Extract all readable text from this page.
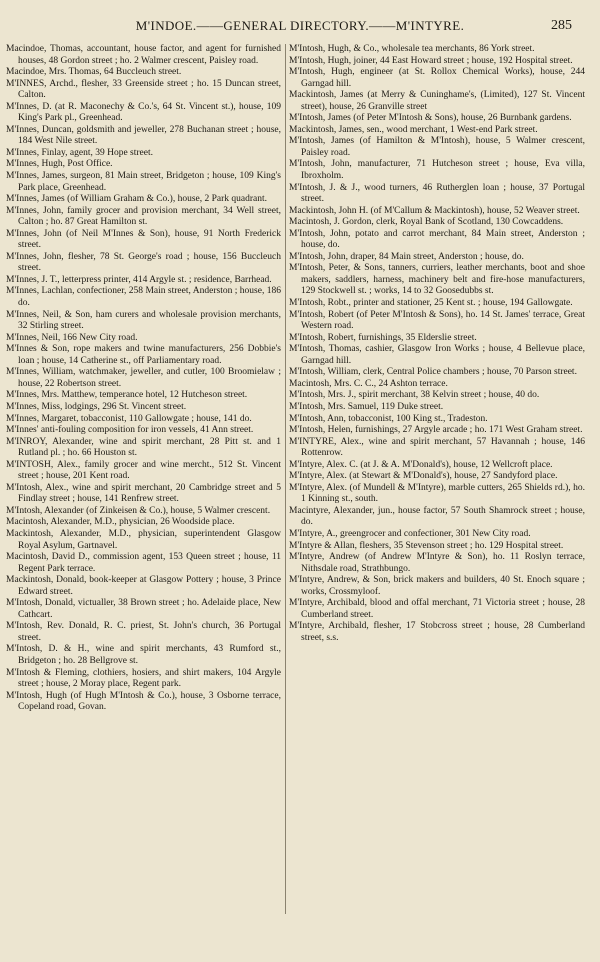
M'INDOE.——GENERAL DIRECTORY.——M'INTYRE.	285

Macindoe, Thomas, accountant, house factor, and agent for furnished houses, 48 Gordon street ; ho. 2 Walmer crescent, Paisley road.

Macindoe, Mrs. Thomas, 64 Buccleuch street.

M'INNES, Archd., flesher, 33 Greenside street ; ho. 15 Duncan street, Calton.

M'Innes, D. (at R. Maconechy & Co.'s, 64 St. Vincent st.), house, 109 King's Park pl., Greenhead.

M'Innes, Duncan, goldsmith and jeweller, 278 Buchanan street ; house, 184 West Nile street.

M'Innes, Finlay, agent, 39 Hope street.

M'Innes, Hugh, Post Office.

M'Innes, James, surgeon, 81 Main street, Bridgeton ; house, 109 King's Park place, Greenhead.

M'Innes, James (of William Graham & Co.), house, 2 Park quadrant.

M'Innes, John, family grocer and provision merchant, 34 Well street, Calton ; ho. 87 Great Hamilton st.

M'Innes, John (of Neil M'Innes & Son), house, 91 North Frederick street.

M'Innes, John, flesher, 78 St. George's road ; house, 156 Buccleuch street.

M'Innes, J. T., letterpress printer, 414 Argyle st. ; residence, Barrhead.

M'Innes, Lachlan, confectioner, 258 Main street, Anderston ; house, 186 do.

M'Innes, Neil, & Son, ham curers and wholesale provision merchants, 32 Stirling street.

M'Innes, Neil, 166 New City road.

M'Innes & Son, rope makers and twine manufacturers, 256 Dobbie's loan ; house, 14 Catherine st., off Parliamentary road.

M'Innes, William, watchmaker, jeweller, and cutler, 100 Broomielaw ; house, 22 Robertson street.

M'Innes, Mrs. Matthew, temperance hotel, 12 Hutcheson street.

M'Innes, Miss, lodgings, 296 St. Vincent street.

M'Innes, Margaret, tobacconist, 110 Gallowgate ; house, 141 do.

M'Innes' anti-fouling composition for iron vessels, 41 Ann street.

M'INROY, Alexander, wine and spirit merchant, 28 Pitt st. and 1 Rutland pl. ; ho. 66 Houston st.

M'INTOSH, Alex., family grocer and wine mercht., 512 St. Vincent street ; house, 201 Kent road.

M'Intosh, Alex., wine and spirit merchant, 20 Cambridge street and 5 Findlay street ; house, 141 Renfrew street.

M'Intosh, Alexander (of Zinkeisen & Co.), house, 5 Walmer crescent.

Macintosh, Alexander, M.D., physician, 26 Woodside place.

Mackintosh, Alexander, M.D., physician, superintendent Glasgow Royal Asylum, Gartnavel.

Macintosh, David D., commission agent, 153 Queen street ; house, 11 Regent Park terrace.

Mackintosh, Donald, book-keeper at Glasgow Pottery ; house, 3 Prince Edward street.

M'Intosh, Donald, victualler, 38 Brown street ; ho. Adelaide place, New Cathcart.

M'Intosh, Rev. Donald, R. C. priest, St. John's church, 36 Portugal street.

M'Intosh, D. & H., wine and spirit merchants, 43 Rumford st., Bridgeton ; ho. 28 Bellgrove st.

M'Intosh & Fleming, clothiers, hosiers, and shirt makers, 104 Argyle street ; house, 2 Moray place, Regent park.

M'Intosh, Hugh (of Hugh M'Intosh & Co.), house, 3 Osborne terrace, Copeland road, Govan.

M'Intosh, Hugh, & Co., wholesale tea merchants, 86 York street.

M'Intosh, Hugh, joiner, 44 East Howard street ; house, 192 Hospital street.

M'Intosh, Hugh, engineer (at St. Rollox Chemical Works), house, 244 Garngad hill.

Mackintosh, James (at Merry & Cuninghame's, (Limited), 127 St. Vincent street), house, 26 Granville street

M'Intosh, James (of Peter M'Intosh & Sons), house, 26 Burnbank gardens.

Mackintosh, James, sen., wood merchant, 1 West-end Park street.

M'Intosh, James (of Hamilton & M'Intosh), house, 5 Walmer crescent, Paisley road.

M'Intosh, John, manufacturer, 71 Hutcheson street ; house, Eva villa, Ibroxholm.

M'Intosh, J. & J., wood turners, 46 Rutherglen loan ; house, 37 Portugal street.

Mackintosh, John H. (of M'Callum & Mackintosh), house, 52 Weaver street.

Macintosh, J. Gordon, clerk, Royal Bank of Scotland, 130 Cowcaddens.

M'Intosh, John, potato and carrot merchant, 84 Main street, Anderston ; house, do.

M'Intosh, John, draper, 84 Main street, Anderston ; house, do.

M'Intosh, Peter, & Sons, tanners, curriers, leather merchants, boot and shoe makers, saddlers, harness, machinery belt and fire-hose manufacturers, 129 Stockwell st. ; works, 14 to 32 Goosedubbs st.

M'Intosh, Robt., printer and stationer, 25 Kent st. ; house, 194 Gallowgate.

M'Intosh, Robert (of Peter M'Intosh & Sons), ho. 14 St. James' terrace, Great Western road.

M'Intosh, Robert, furnishings, 35 Elderslie street.

M'Intosh, Thomas, cashier, Glasgow Iron Works ; house, 4 Bellevue place, Garngad hill.

M'Intosh, William, clerk, Central Police chambers ; house, 70 Parson street.

Macintosh, Mrs. C. C., 24 Ashton terrace.

M'Intosh, Mrs. J., spirit merchant, 38 Kelvin street ; house, 40 do.

M'Intosh, Mrs. Samuel, 119 Duke street.

M'Intosh, Ann, tobacconist, 100 King st., Tradeston.

M'Intosh, Helen, furnishings, 27 Argyle arcade ; ho. 171 West Graham street.

M'INTYRE, Alex., wine and spirit merchant, 57 Havannah ; house, 146 Rottenrow.

M'Intyre, Alex. C. (at J. & A. M'Donald's), house, 12 Wellcroft place.

M'Intyre, Alex. (at Stewart & M'Donald's), house, 27 Sandyford place.

M'Intyre, Alex. (of Mundell & M'Intyre), marble cutters, 265 Shields rd.), ho. 1 Kinning st., south.

Macintyre, Alexander, jun., house factor, 57 South Shamrock street ; house, do.

M'Intyre, A., greengrocer and confectioner, 301 New City road.

M'Intyre & Allan, fleshers, 35 Stevenson street ; ho. 129 Hospital street.

M'Intyre, Andrew (of Andrew M'Intyre & Son), ho. 11 Roslyn terrace, Nithsdale road, Strathbungo.

M'Intyre, Andrew, & Son, brick makers and builders, 40 St. Enoch square ; works, Crossmyloof.

M'Intyre, Archibald, blood and offal merchant, 71 Victoria street ; house, 28 Cumberland street.

M'Intyre, Archibald, flesher, 17 Stobcross street ; house, 28 Cumberland street, s.s.
